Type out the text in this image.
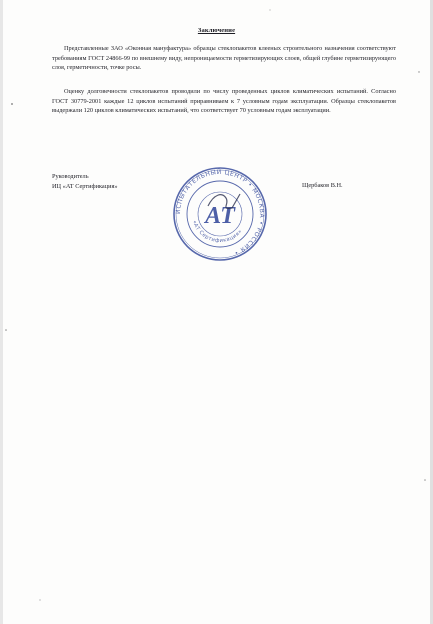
Заключение

Представленные ЗАО «Оконная мануфактура» образцы стеклопакетов клееных строительного назначения соответствуют требованиям ГОСТ 24866-99 по внешнему виду, непроницаемости герметизирующих слоев, общей глубине герметизирующего слоя, герметичности, точке росы.

Оценку долговечности стеклопакетов проводили по числу проведенных циклов климатических испытаний. Согласно ГОСТ 30779-2001 каждые 12 циклов испытаний приравниваем к 7 условным годам эксплуатации. Образцы стеклопакетов выдержали 120 циклов климатических испытаний, что соответствует 70 условным годам эксплуатации.

Руководитель
ИЦ «АТ Сертификация»	Щербаков В.Н.
ИСПЫТАТЕЛЬНЫЙ ЦЕНТР • МОСКВА • РОССИЯ •
«АТ Сертификация»
АТ
